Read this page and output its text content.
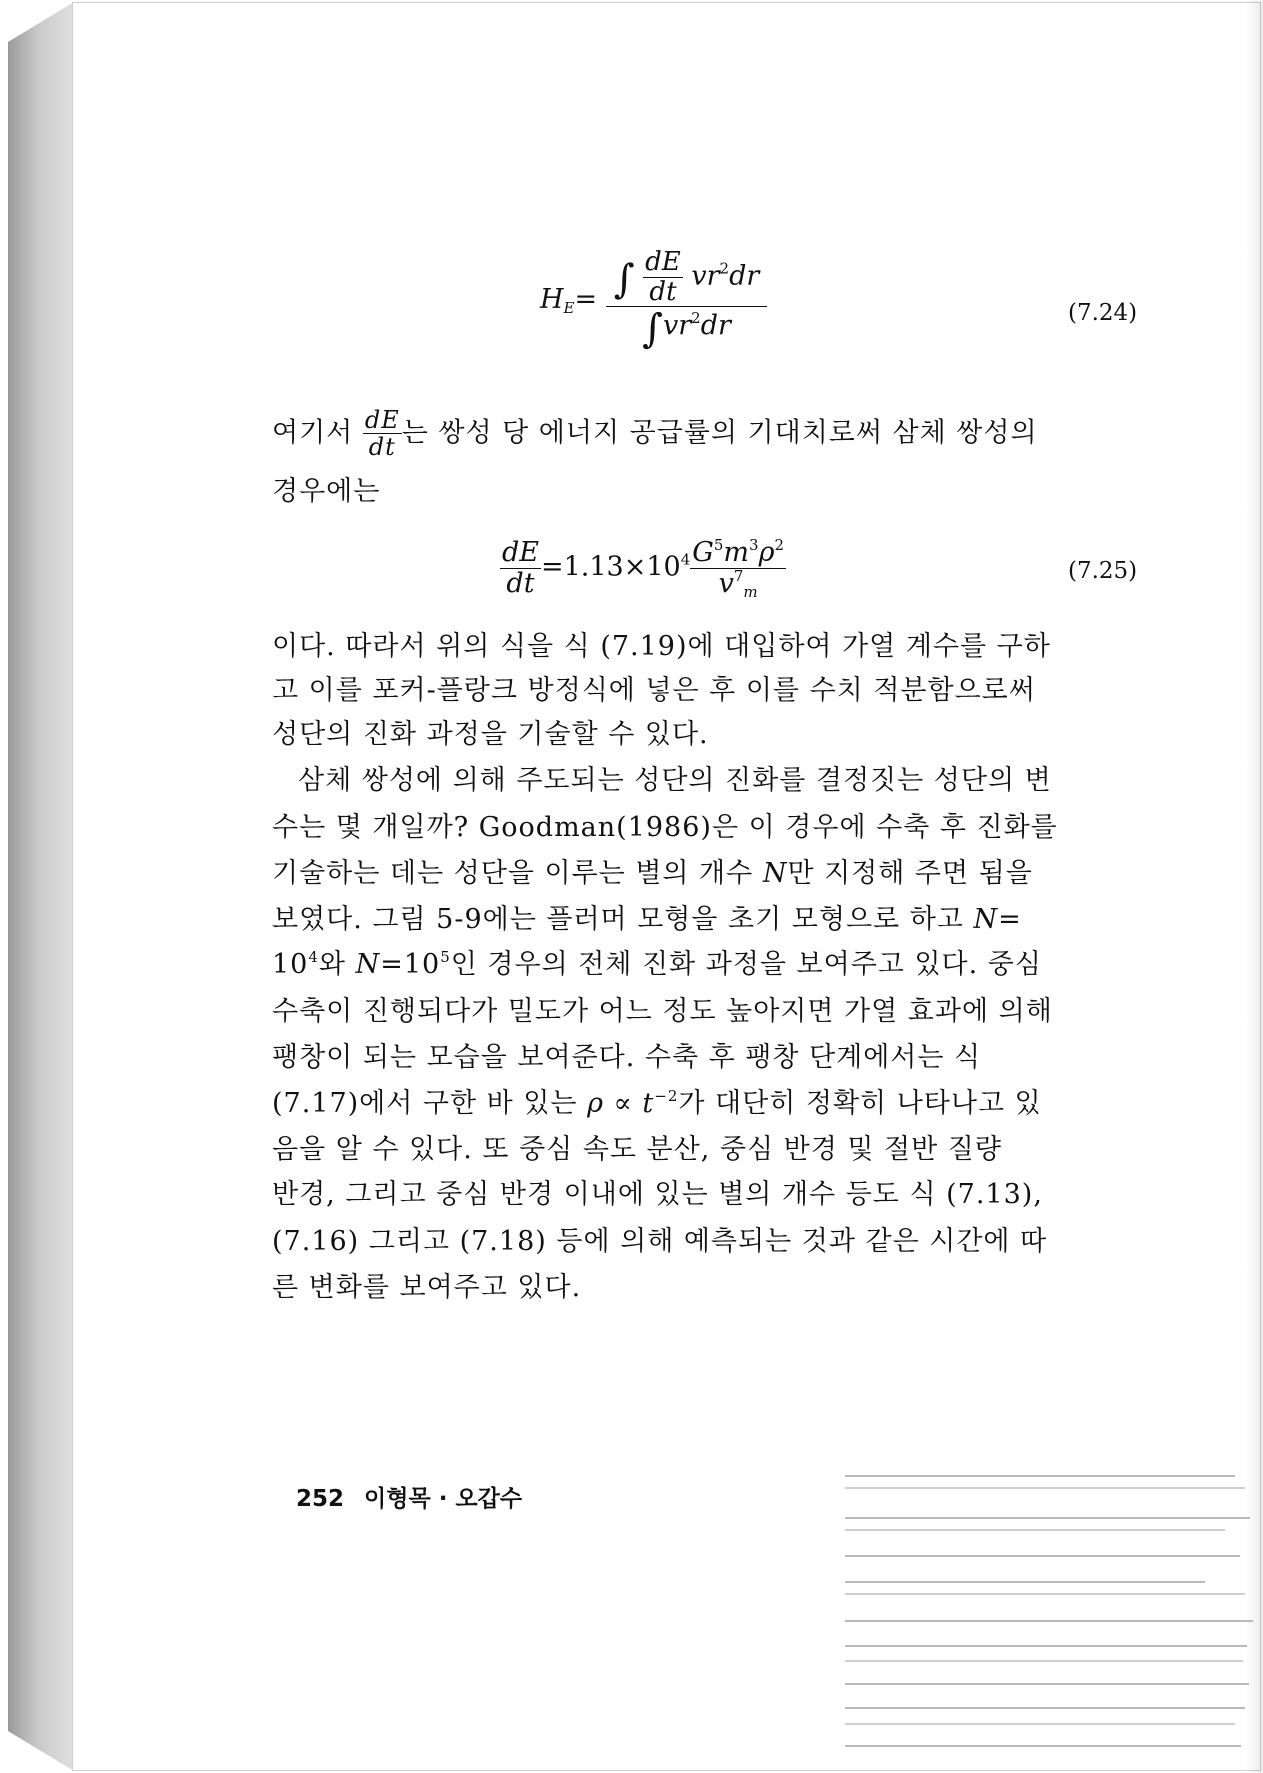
$H_E= \frac{\int \frac{dE}{dt} vr^2dr}{\int vr^2dr}$	(7.24)
여기서 $\frac{dE}{dt}$ 는 쌍성 당 에너지 공급률의 기대치로써 삼체 쌍성의
경우에는
$\frac{dE}{dt} =1.13\times 10^4 \frac{G^5m^3\rho^2}{v^7_m}$	(7.25)
이다. 따라서 위의 식을 식 (7.19)에 대입하여 가열 계수를 구하
고 이를 포커-플랑크 방정식에 넣은 후 이를 수치 적분함으로써
성단의 진화 과정을 기술할 수 있다.
삼체 쌍성에 의해 주도되는 성단의 진화를 결정짓는 성단의 변
수는 몇 개일까? Goodman(1986)은 이 경우에 수축 후 진화를
기술하는 데는 성단을 이루는 별의 개수 N만 지정해 주면 됨을
보였다. 그림 5-9에는 플러머 모형을 초기 모형으로 하고 N=
$10^4$와 $N=10^5$인 경우의 전체 진화 과정을 보여주고 있다. 중심
수축이 진행되다가 밀도가 어느 정도 높아지면 가열 효과에 의해
팽창이 되는 모습을 보여준다. 수축 후 팽창 단계에서는 식
(7.17)에서 구한 바 있는 $\rho \propto t^{-2}$가 대단히 정확히 나타나고 있
음을 알 수 있다. 또 중심 속도 분산, 중심 반경 및 절반 질량
반경, 그리고 중심 반경 이내에 있는 별의 개수 등도 식 (7.13),
(7.16) 그리고 (7.18) 등에 의해 예측되는 것과 같은 시간에 따
른 변화를 보여주고 있다.
252 이형목 · 오갑수
